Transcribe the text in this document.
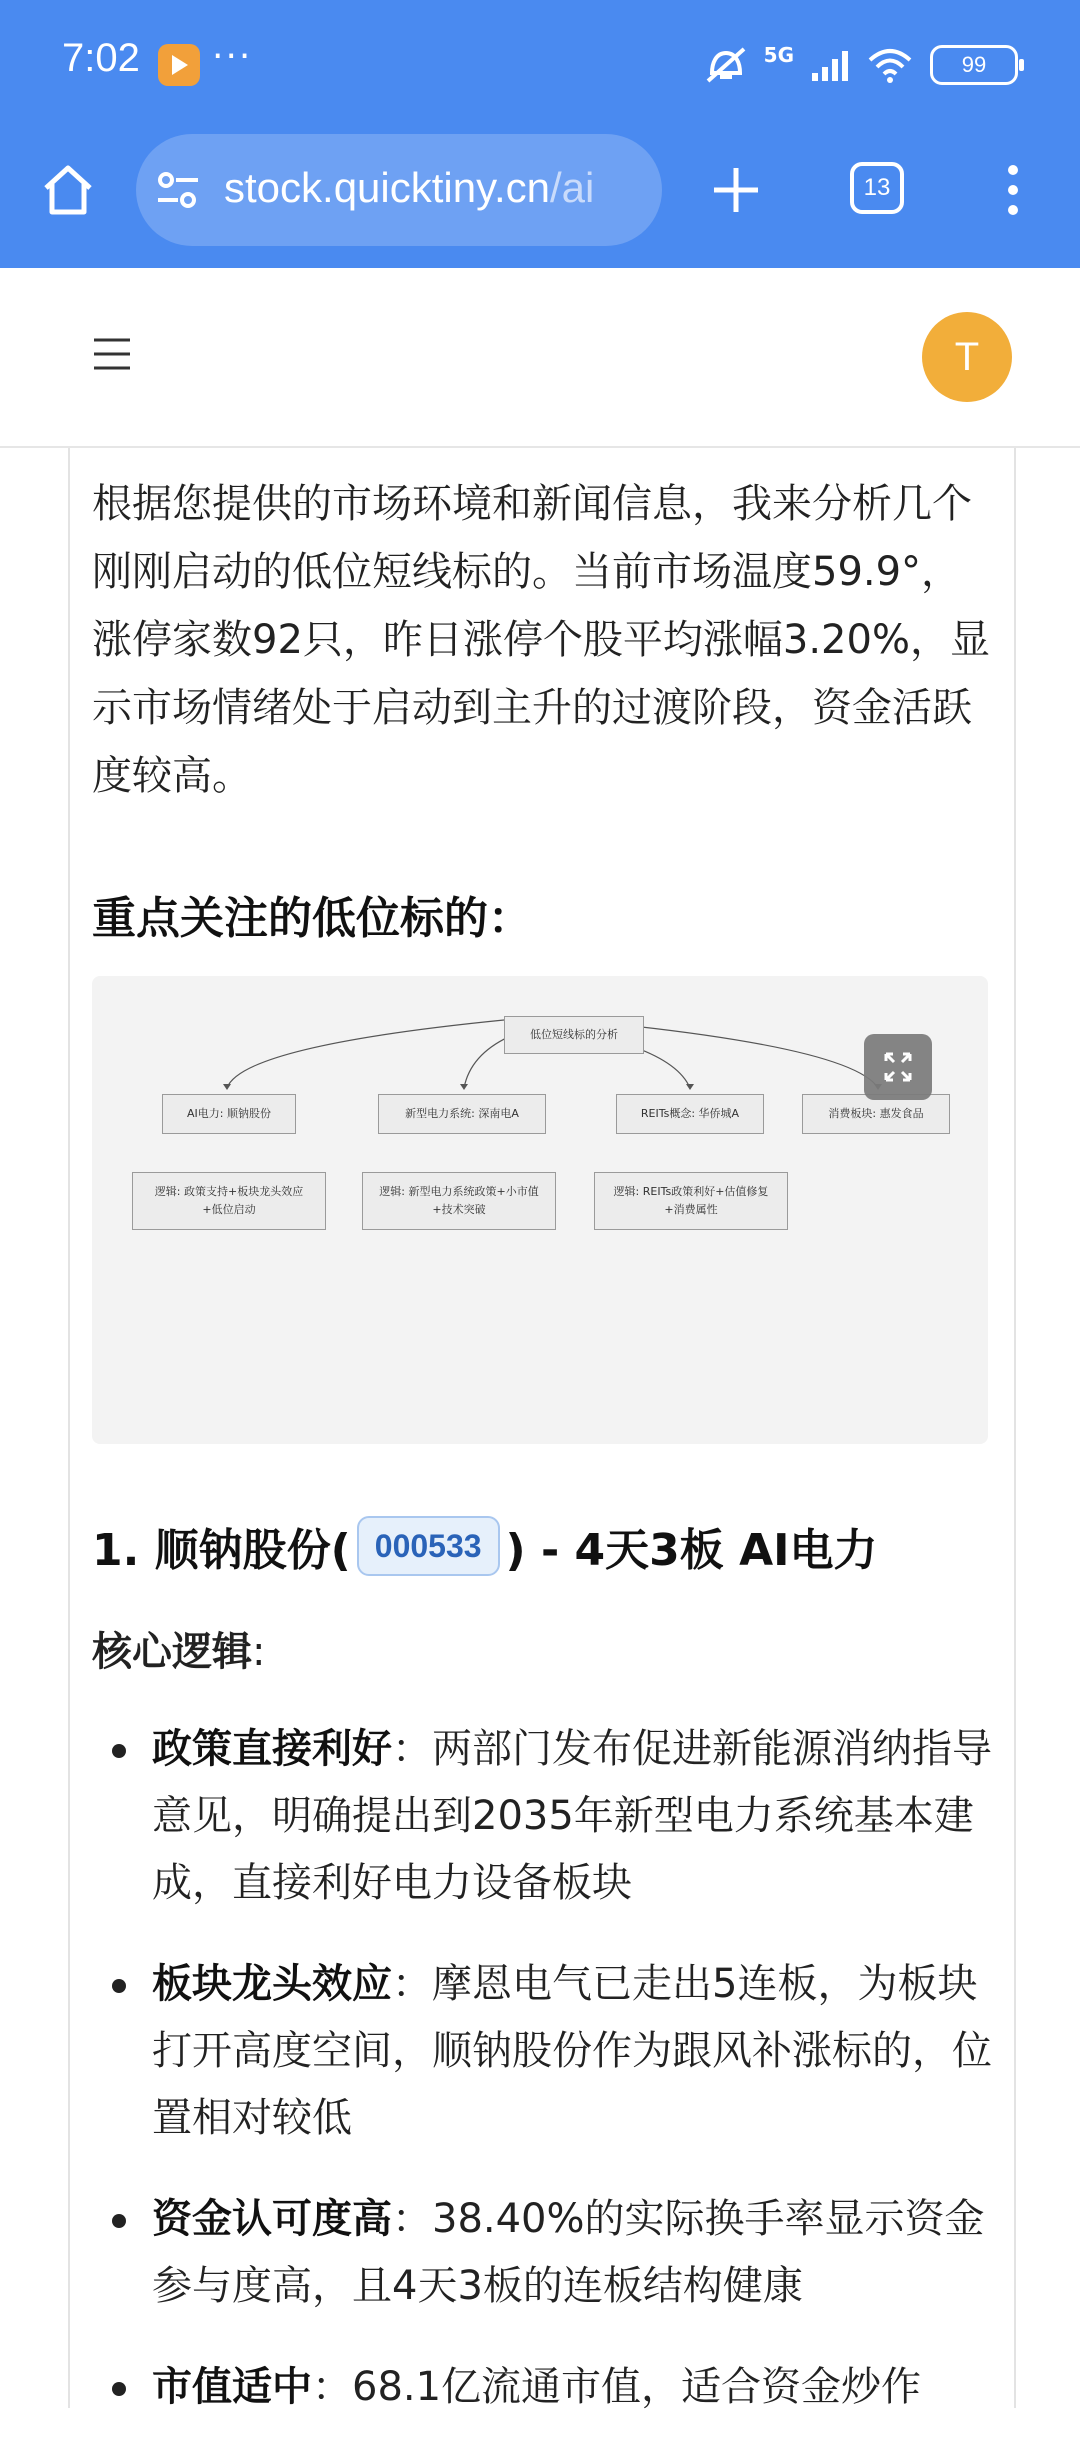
7:02 ···	5G	99
stock.quicktiny.cn/ai	13
T
根据您提供的市场环境和新闻信息，我来分析几个刚刚启动的低位短线标的。当前市场温度59.9°，涨停家数92只，昨日涨停个股平均涨幅3.20%，显示市场情绪处于启动到主升的过渡阶段，资金活跃度较高。
重点关注的低位标的：
低位短线标的分析
AI电力: 顺钠股份	新型电力系统: 深南电A	REITs概念: 华侨城A	消费板块: 惠发食品
逻辑: 政策支持+板块龙头效应+低位启动
逻辑: 新型电力系统政策+小市值+技术突破
逻辑: REITs政策利好+估值修复+消费属性
1. 顺钠股份( 000533 ) - 4天3板 AI电力
核心逻辑:
政策直接利好：两部门发布促进新能源消纳指导意见，明确提出到2035年新型电力系统基本建成，直接利好电力设备板块
板块龙头效应：摩恩电气已走出5连板，为板块打开高度空间，顺钠股份作为跟风补涨标的，位置相对较低
资金认可度高：38.40%的实际换手率显示资金参与度高，且4天3板的连板结构健康
市值适中：68.1亿流通市值，适合资金炒作
